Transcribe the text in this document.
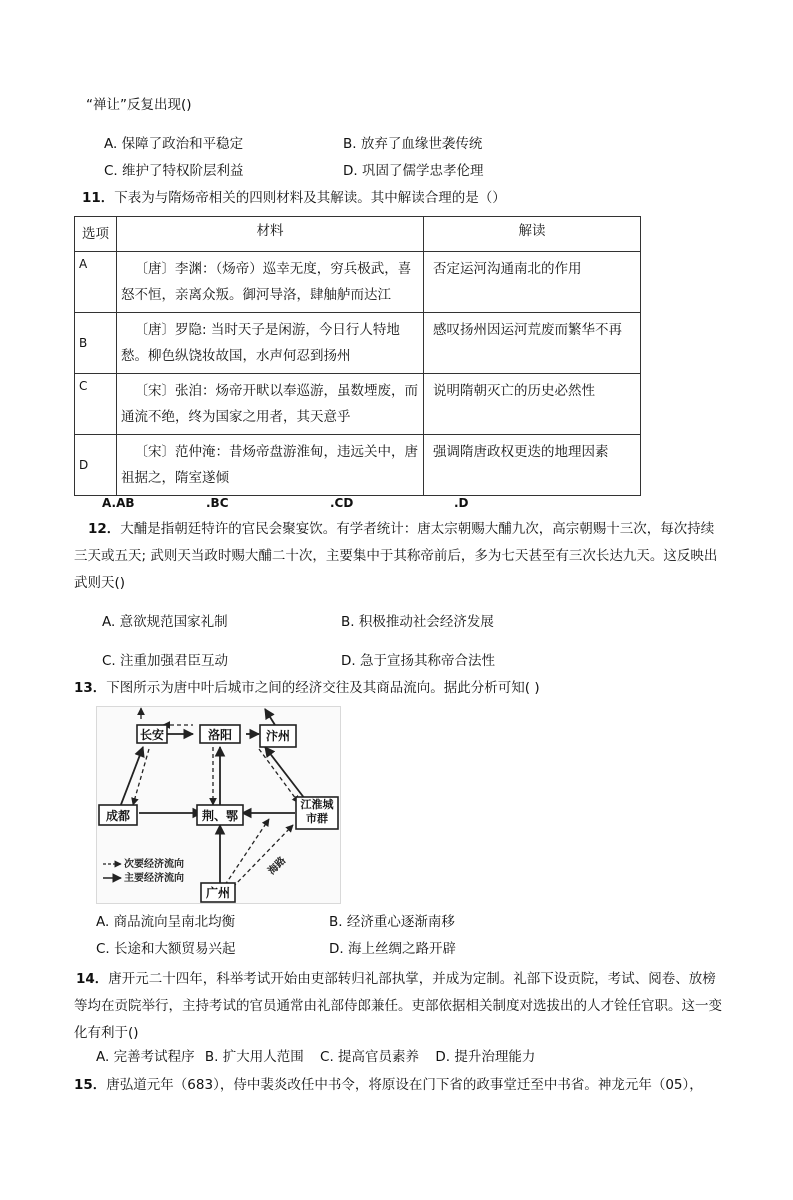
“禅让”反复出现()
A. 保障了政治和平稳定	B. 放弃了血缘世袭传统
C. 维护了特权阶层利益	D. 巩固了儒学忠孝伦理
11．下表为与隋炀帝相关的四则材料及其解读。其中解读合理的是（）
选项	材料	解读
A	〔唐〕李渊：（炀帝）巡幸无度，穷兵极武，喜怒不恒，亲离众叛。御河导洛，肆舳舻而达江	否定运河沟通南北的作用
B	〔唐〕罗隐: 当时天子是闲游，今日行人特地愁。柳色纵饶妆故国，水声何忍到扬州	感叹扬州因运河荒废而繁华不再
C	〔宋〕张洎：炀帝开畎以奉巡游，虽数堙废，而通流不绝，终为国家之用者，其天意乎	说明隋朝灭亡的历史必然性
D	〔宋〕范仲淹：昔炀帝盘游淮甸，违远关中，唐祖据之，隋室遂倾	强调隋唐政权更迭的地理因素
A.AB	.BC	.CD	.D
12．大酺是指朝廷特许的官民会聚宴饮。有学者统计：唐太宗朝赐大酺九次，高宗朝赐十三次，每次持续三天或五天; 武则天当政时赐大酺二十次，主要集中于其称帝前后，多为七天甚至有三次长达九天。这反映出武则天()
A. 意欲规范国家礼制	B. 积极推动社会经济发展
C. 注重加强君臣互动	D. 急于宣扬其称帝合法性
13．下图所示为唐中叶后城市之间的经济交往及其商品流向。据此分析可知( )
长安	洛阳	汴州
成都	荆、鄂
江淮城市群
广州
海路
次要经济流向
主要经济流向
A. 商品流向呈南北均衡	B. 经济重心逐渐南移
C. 长途和大额贸易兴起	D. 海上丝绸之路开辟
14．唐开元二十四年，科举考试开始由吏部转归礼部执掌，并成为定制。礼部下设贡院，考试、阅卷、放榜等均在贡院举行，主持考试的官员通常由礼部侍郎兼任。吏部依据相关制度对选拔出的人才铨任官职。这一变化有利于()
A. 完善考试程序 B. 扩大用人范围 C. 提高官员素养 D. 提升治理能力
15．唐弘道元年（683），侍中裴炎改任中书令，将原设在门下省的政事堂迁至中书省。神龙元年（05），
